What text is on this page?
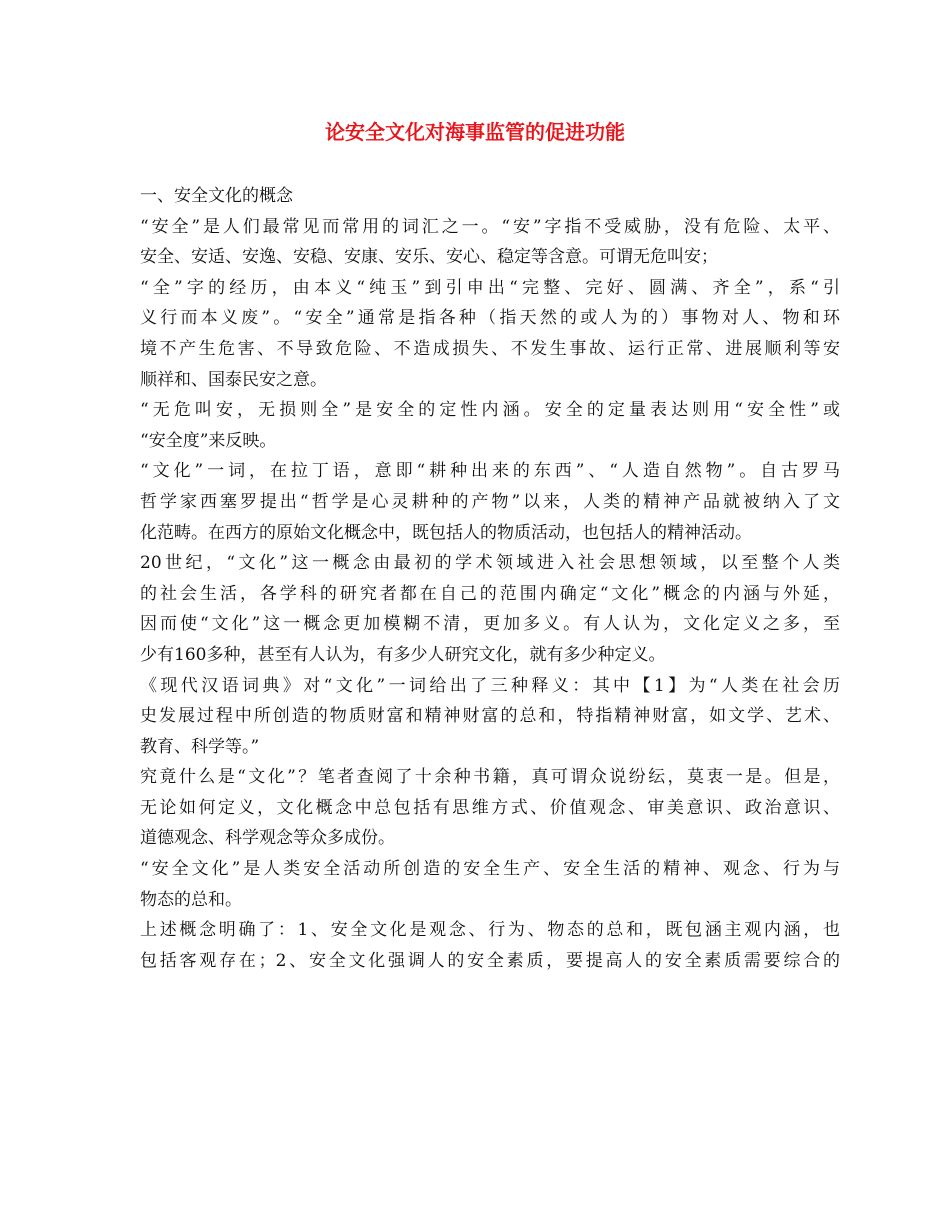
论安全文化对海事监管的促进功能
一、安全文化的概念
“安全”是人们最常见而常用的词汇之一。“安”字指不受威胁，没有危险、太平、
安全、安适、安逸、安稳、安康、安乐、安心、稳定等含意。可谓无危叫安；
“全”字的经历，由本义“纯玉”到引申出“完整、完好、圆满、齐全”，系“引
义行而本义废”。“安全”通常是指各种（指天然的或人为的）事物对人、物和环
境不产生危害、不导致危险、不造成损失、不发生事故、运行正常、进展顺利等安
顺祥和、国泰民安之意。
“无危叫安，无损则全”是安全的定性内涵。安全的定量表达则用“安全性”或
“安全度”来反映。
“文化”一词，在拉丁语，意即“耕种出来的东西”、“人造自然物”。自古罗马
哲学家西塞罗提出“哲学是心灵耕种的产物”以来，人类的精神产品就被纳入了文
化范畴。在西方的原始文化概念中，既包括人的物质活动，也包括人的精神活动。
20世纪，“文化”这一概念由最初的学术领域进入社会思想领域，以至整个人类
的社会生活，各学科的研究者都在自己的范围内确定“文化”概念的内涵与外延，
因而使“文化”这一概念更加模糊不清，更加多义。有人认为，文化定义之多，至
少有160多种，甚至有人认为，有多少人研究文化，就有多少种定义。
《现代汉语词典》对“文化”一词给出了三种释义：其中【1】为“人类在社会历
史发展过程中所创造的物质财富和精神财富的总和，特指精神财富，如文学、艺术、
教育、科学等。”
究竟什么是“文化”？笔者查阅了十余种书籍，真可谓众说纷纭，莫衷一是。但是，
无论如何定义，文化概念中总包括有思维方式、价值观念、审美意识、政治意识、
道德观念、科学观念等众多成份。
“安全文化”是人类安全活动所创造的安全生产、安全生活的精神、观念、行为与
物态的总和。
上述概念明确了：1、安全文化是观念、行为、物态的总和，既包涵主观内涵，也
包括客观存在；2、安全文化强调人的安全素质，要提高人的安全素质需要综合的
